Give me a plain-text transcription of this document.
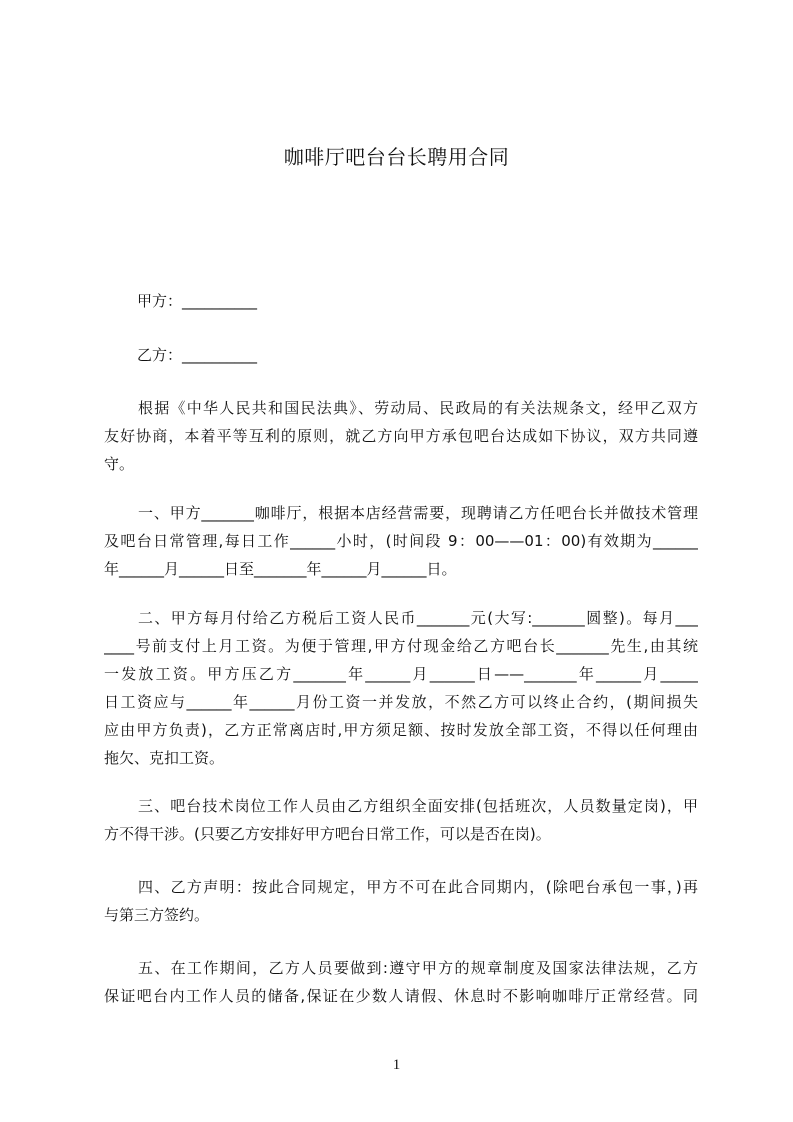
咖啡厅吧台台长聘用合同
甲方：__________
乙方：__________
根据《中华人民共和国民法典》、劳动局、民政局的有关法规条文，经甲乙双方
友好协商，本着平等互利的原则，就乙方向甲方承包吧台达成如下协议，双方共同遵
守。
一、甲方_______咖啡厅，根据本店经营需要，现聘请乙方任吧台长并做技术管理
及吧台日常管理,每日工作______小时，(时间段 9：00——01：00)有效期为______
年______月______日至_______年______月______日。
二、甲方每月付给乙方税后工资人民币_______元(大写:_______圆整)。每月___
____号前支付上月工资。为便于管理,甲方付现金给乙方吧台长_______先生,由其统
一发放工资。甲方压乙方_______年______月______日——_______年______月_____
日工资应与______年______月份工资一并发放，不然乙方可以终止合约，(期间损失
应由甲方负责)，乙方正常离店时,甲方须足额、按时发放全部工资，不得以任何理由
拖欠、克扣工资。
三、吧台技术岗位工作人员由乙方组织全面安排(包括班次，人员数量定岗)，甲
方不得干涉。(只要乙方安排好甲方吧台日常工作，可以是否在岗)。
四、乙方声明：按此合同规定，甲方不可在此合同期内，(除吧台承包一事，)再
与第三方签约。
五、在工作期间，乙方人员要做到:遵守甲方的规章制度及国家法律法规，乙方
保证吧台内工作人员的储备,保证在少数人请假、休息时不影响咖啡厅正常经营。同
1
